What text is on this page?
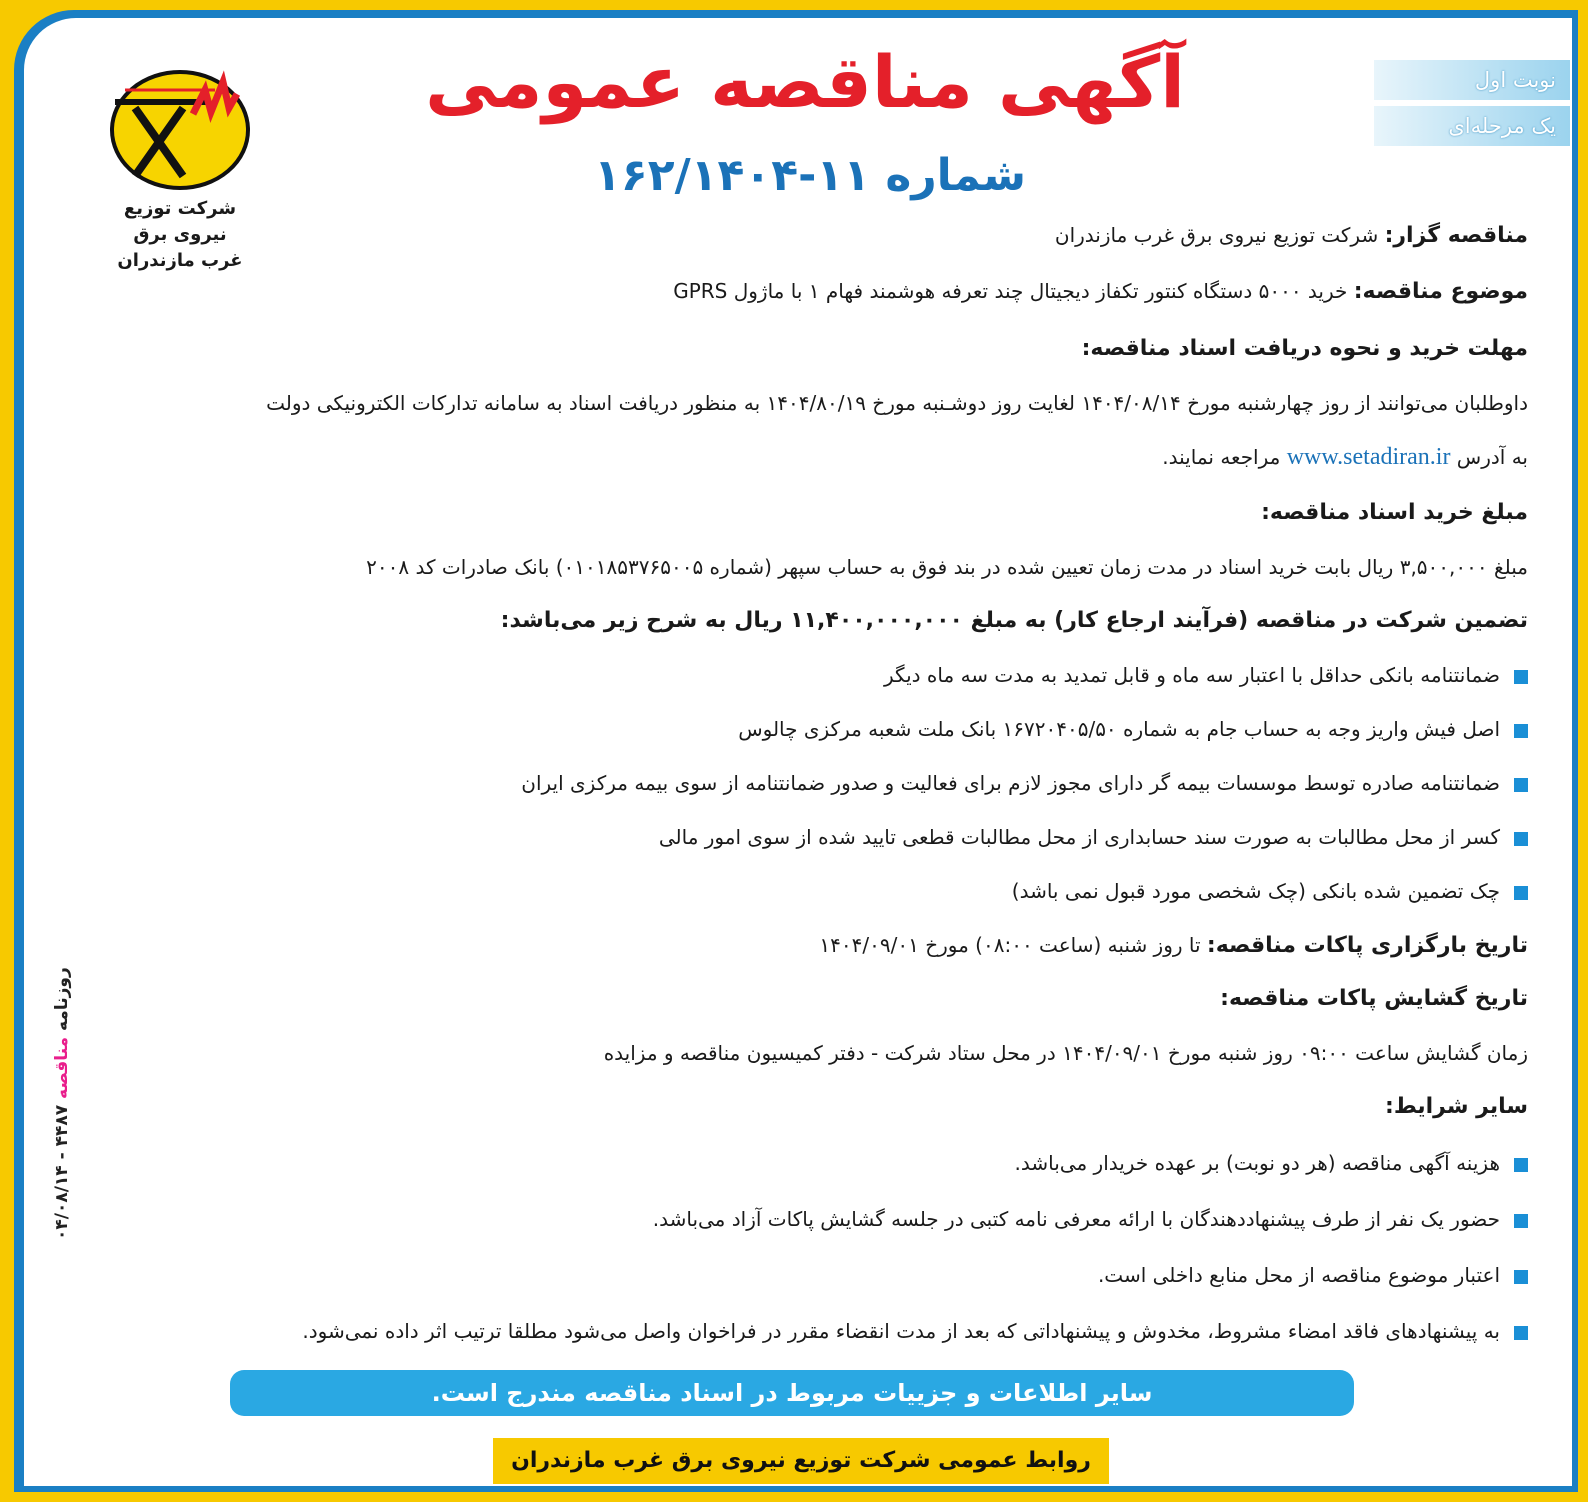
روزنامه مناقصه ۴۴۸۷ - ۰۴/۰۸/۱۴
نوبت اول
یک مرحله‌ای
شرکت توزیع نیروی برق
غرب مازندران
آگهی مناقصه عمومی
شماره ۱۱-۱۶۲/۱۴۰۴
مناقصه گزار: شرکت توزیع نیروی برق غرب مازندران
موضوع مناقصه: خرید ۵۰۰۰ دستگاه کنتور تکفاز دیجیتال چند تعرفه هوشمند فهام ۱ با ماژول GPRS
مهلت خرید و نحوه دریافت اسناد مناقصه:
داوطلبان می‌توانند از روز چهارشنبه مورخ ۱۴۰۴/۰۸/۱۴ لغایت روز دوشـنبه مورخ ۱۴۰۴/۸۰/۱۹ به منظور دریافت اسناد به سامانه تدارکات الکترونیکی دولت
به آدرس www.setadiran.ir مراجعه نمایند.
مبلغ خرید اسناد مناقصه:
مبلغ ۳,۵۰۰,۰۰۰ ریال بابت خرید اسناد در مدت زمان تعیین شده در بند فوق به حساب سپهر (شماره ۰۱۰۱۸۵۳۷۶۵۰۰۵) بانک صادرات کد ۲۰۰۸
تضمین شرکت در مناقصه (فرآیند ارجاع کار) به مبلغ ۱۱,۴۰۰,۰۰۰,۰۰۰ ریال به شرح زیر می‌باشد:
ضمانتنامه بانکی حداقل با اعتبار سه ماه و قابل تمدید به مدت سه ماه دیگر
اصل فیش واریز وجه به حساب جام به شماره ۱۶۷۲۰۴۰۵/۵۰ بانک ملت شعبه مرکزی چالوس
ضمانتنامه صادره توسط موسسات بیمه گر دارای مجوز لازم برای فعالیت و صدور ضمانتنامه از سوی بیمه مرکزی ایران
کسر از محل مطالبات به صورت سند حسابداری از محل مطالبات قطعی تایید شده از سوی امور مالی
چک تضمین شده بانکی (چک شخصی مورد قبول نمی باشد)
تاریخ بارگزاری پاکات مناقصه: تا روز شنبه (ساعت ۰۸:۰۰) مورخ ۱۴۰۴/۰۹/۰۱
تاریخ گشایش پاکات مناقصه:
زمان گشایش ساعت ۰۹:۰۰ روز شنبه مورخ ۱۴۰۴/۰۹/۰۱ در محل ستاد شرکت - دفتر کمیسیون مناقصه و مزایده
سایر شرایط:
هزینه آگهی مناقصه (هر دو نوبت) بر عهده خریدار می‌باشد.
حضور یک نفر از طرف پیشنهاددهندگان با ارائه معرفی نامه کتبی در جلسه گشایش پاکات آزاد می‌باشد.
اعتبار موضوع مناقصه از محل منابع داخلی است.
به پیشنهادهای فاقد امضاء مشروط، مخدوش و پیشنهاداتی که بعد از مدت انقضاء مقرر در فراخوان واصل می‌شود مطلقا ترتیب اثر داده نمی‌شود.
سایر اطلاعات و جزییات مربوط در اسناد مناقصه مندرج است.
روابط عمومی شرکت توزیع نیروی برق غرب مازندران
